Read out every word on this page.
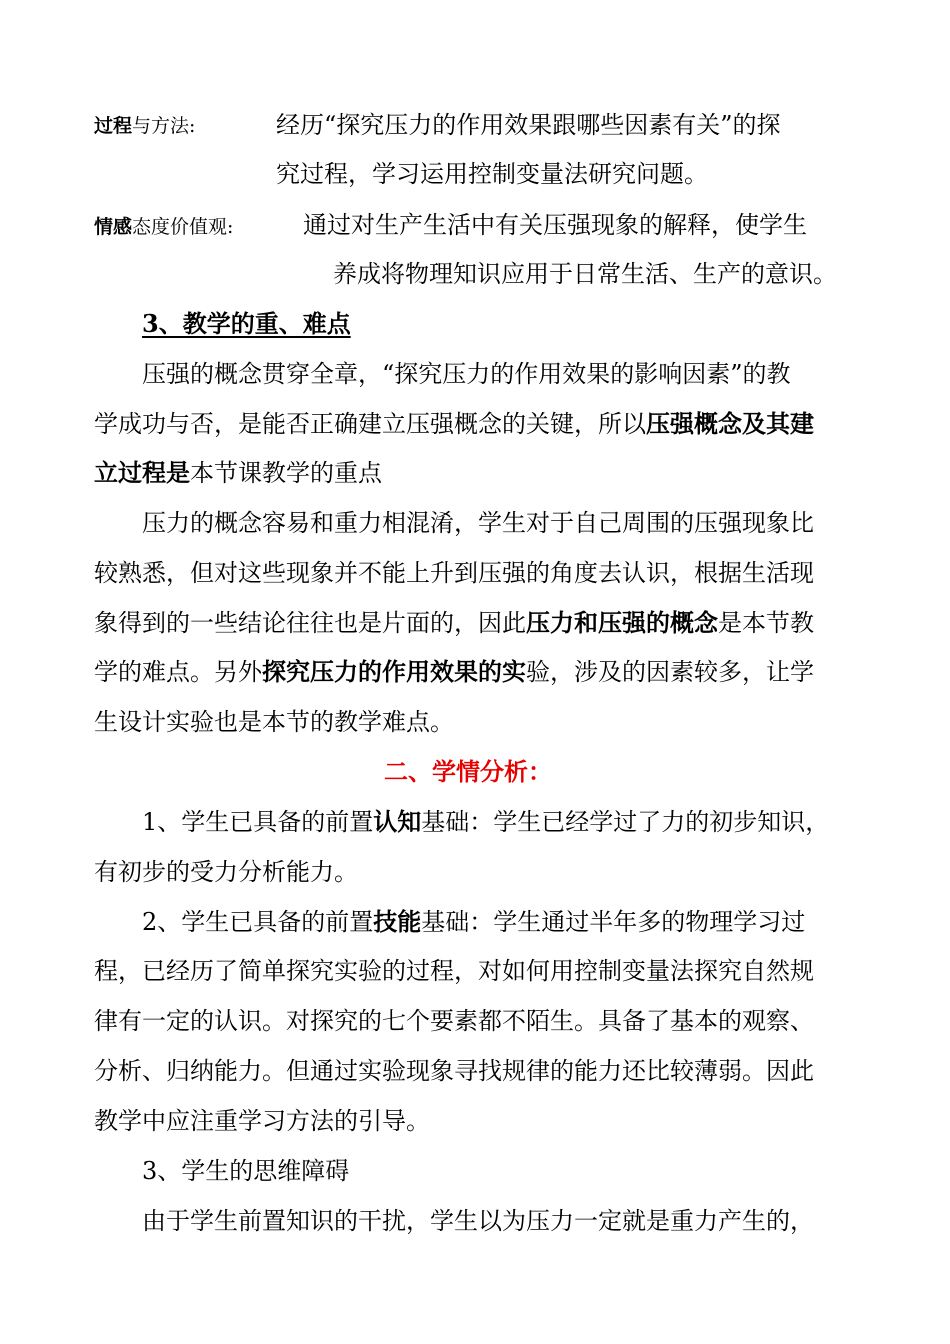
过程与方法:	经历“探究压力的作用效果跟哪些因素有关”的探
究过程，学习运用控制变量法研究问题。
情感态度价值观:	通过对生产生活中有关压强现象的解释，使学生
养成将物理知识应用于日常生活、生产的意识。
3、教学的重、难点
压强的概念贯穿全章，“探究压力的作用效果的影响因素”的教
学成功与否，是能否正确建立压强概念的关键，所以压强概念及其建
立过程是本节课教学的重点
压力的概念容易和重力相混淆，学生对于自己周围的压强现象比
较熟悉，但对这些现象并不能上升到压强的角度去认识，根据生活现
象得到的一些结论往往也是片面的，因此压力和压强的概念是本节教
学的难点。另外探究压力的作用效果的实验，涉及的因素较多，让学
生设计实验也是本节的教学难点。
二、学情分析：
1、学生已具备的前置认知基础：学生已经学过了力的初步知识，
有初步的受力分析能力。
2、学生已具备的前置技能基础：学生通过半年多的物理学习过
程，已经历了简单探究实验的过程，对如何用控制变量法探究自然规
律有一定的认识。对探究的七个要素都不陌生。具备了基本的观察、
分析、归纳能力。但通过实验现象寻找规律的能力还比较薄弱。因此
教学中应注重学习方法的引导。
3、学生的思维障碍
由于学生前置知识的干扰，学生以为压力一定就是重力产生的，
